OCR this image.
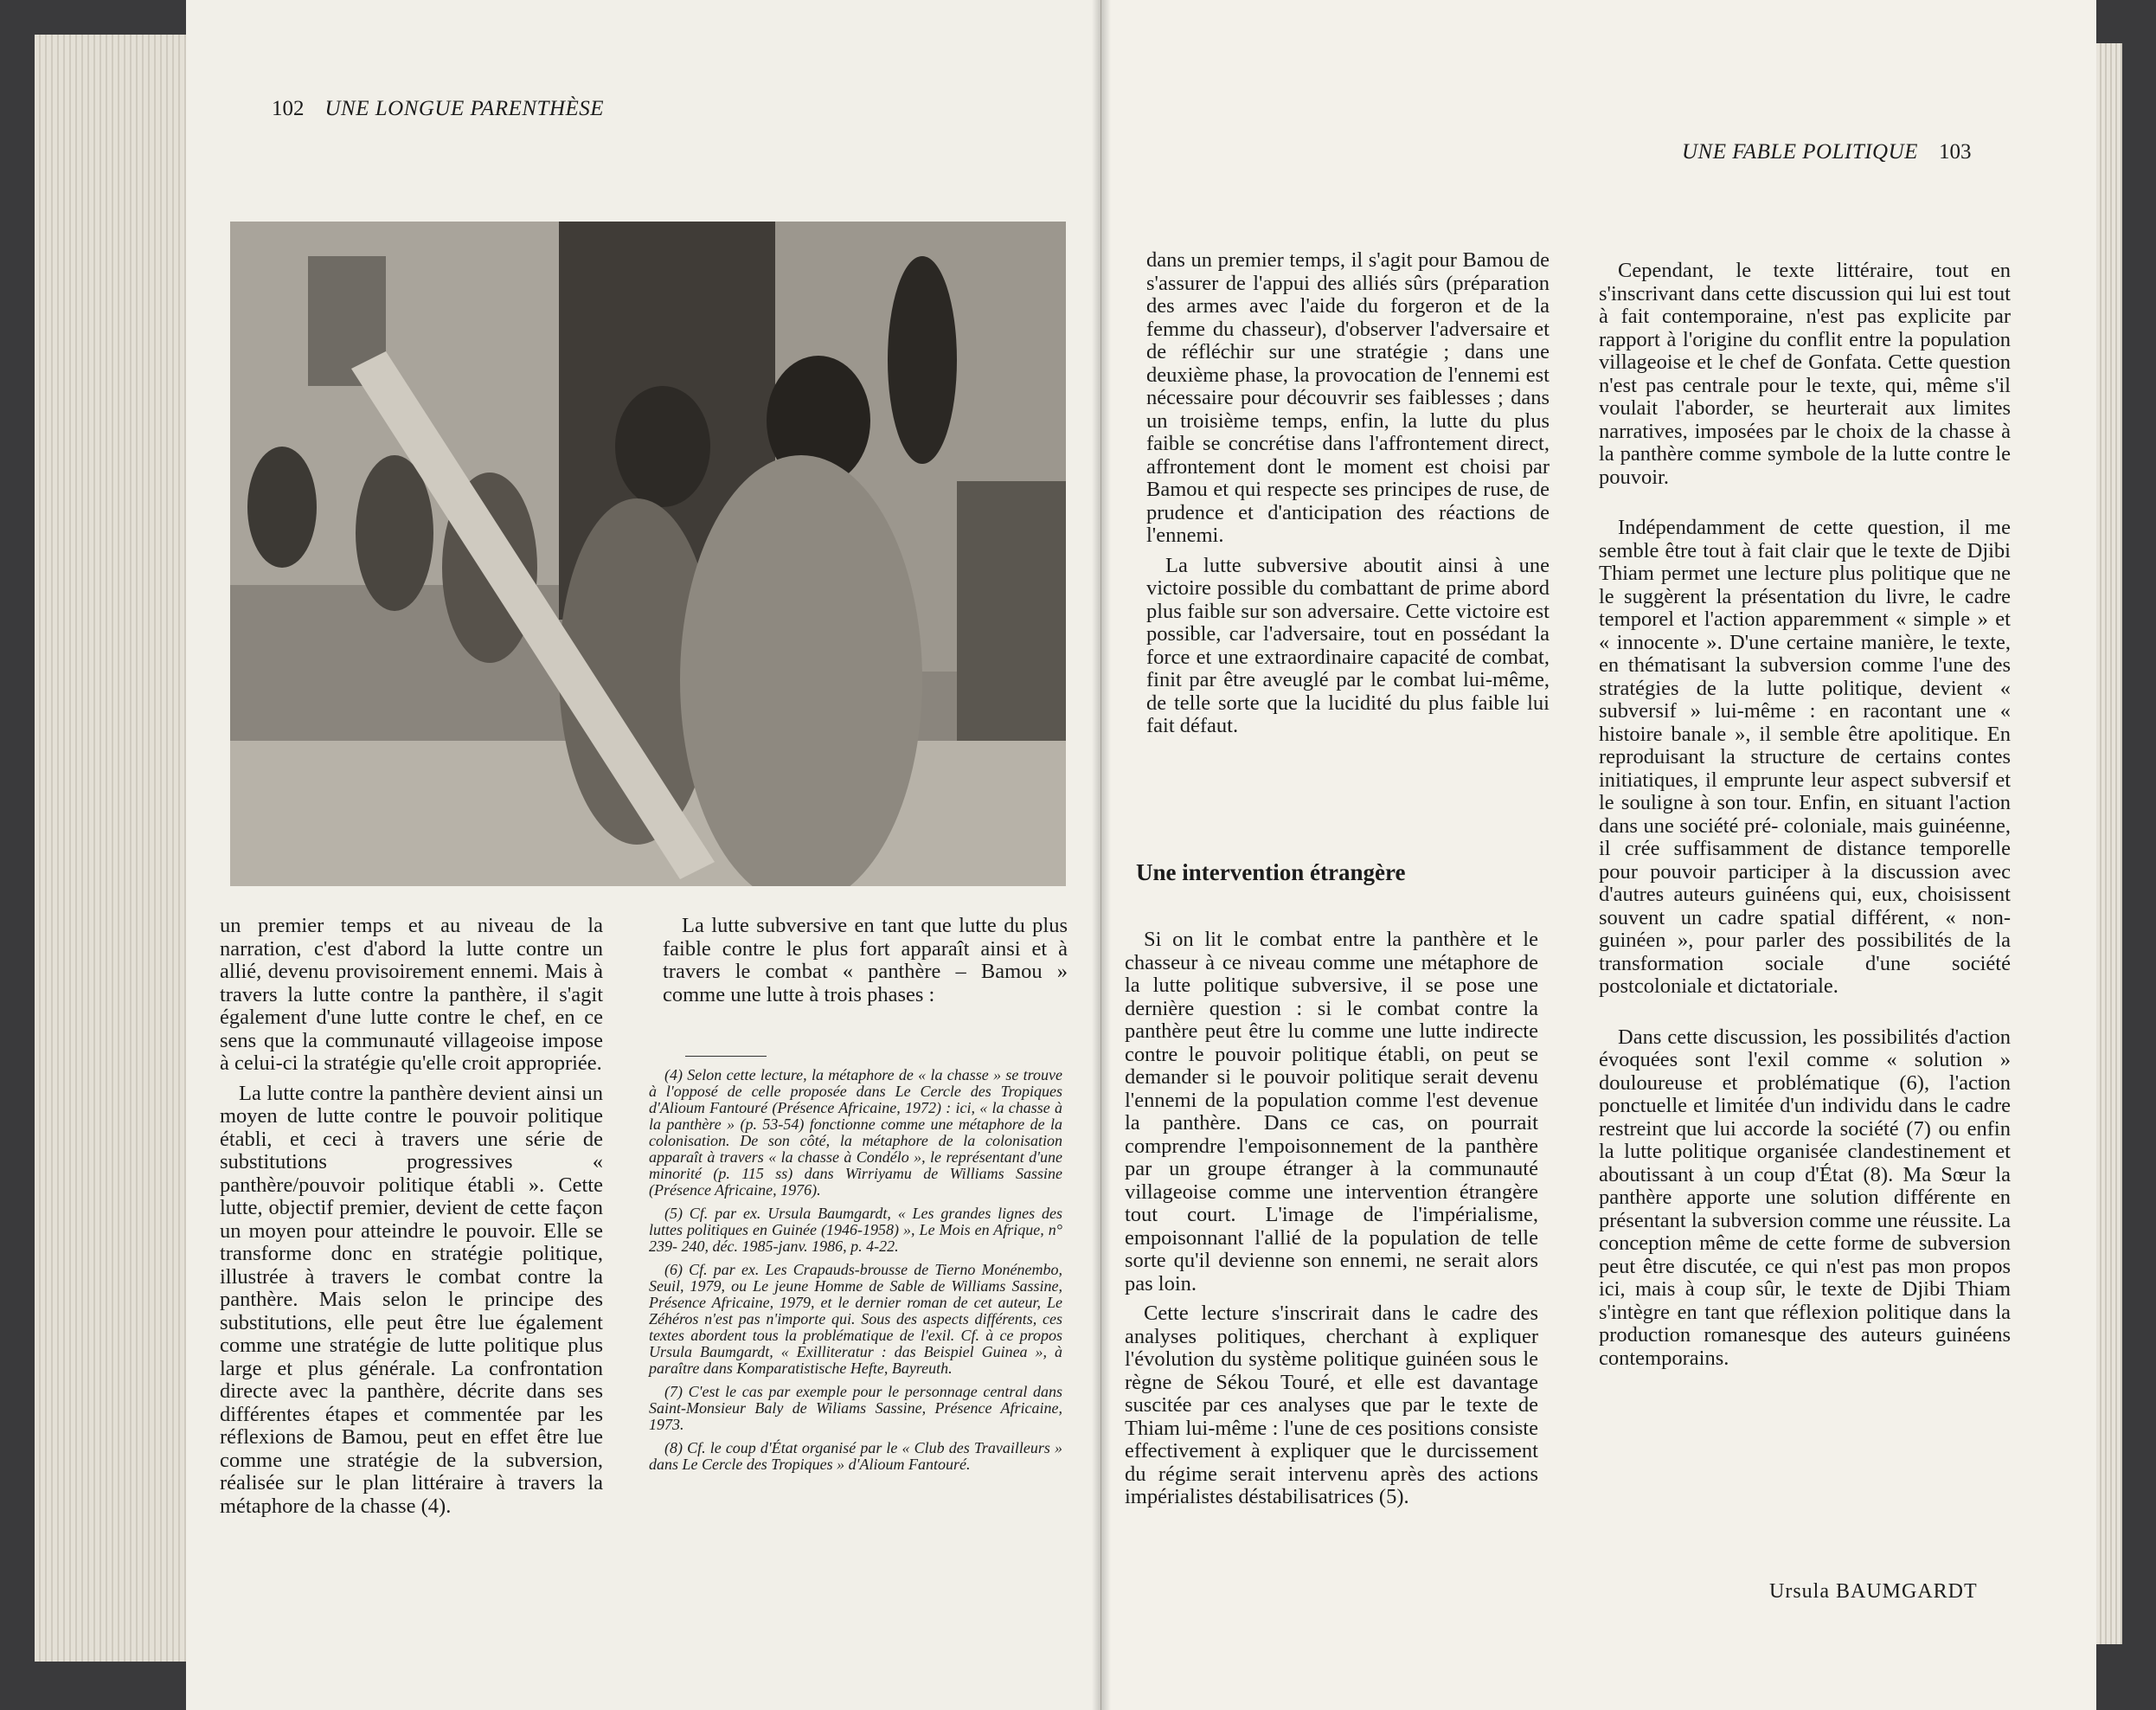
102 UNE LONGUE PARENTHÈSE

un premier temps et au niveau de la narration, c'est d'abord la lutte contre un allié, devenu provisoirement ennemi. Mais à travers la lutte contre la panthère, il s'agit également d'une lutte contre le chef, en ce sens que la communauté villageoise impose à celui-ci la stratégie qu'elle croit appropriée.

La lutte contre la panthère devient ainsi un moyen de lutte contre le pouvoir politique établi, et ceci à travers une série de substitutions progressives « panthère/pouvoir politique établi ». Cette lutte, objectif premier, devient de cette façon un moyen pour atteindre le pouvoir. Elle se transforme donc en stratégie politique, illustrée à travers le combat contre la panthère. Mais selon le principe des substitutions, elle peut être lue également comme une stratégie de lutte politique plus large et plus générale. La confrontation directe avec la panthère, décrite dans ses différentes étapes et commentée par les réflexions de Bamou, peut en effet être lue comme une stratégie de la subversion, réalisée sur le plan littéraire à travers la métaphore de la chasse (4).

La lutte subversive en tant que lutte du plus faible contre le plus fort apparaît ainsi et à travers le combat « panthère – Bamou » comme une lutte à trois phases :

(4) Selon cette lecture, la métaphore de « la chasse » se trouve à l'opposé de celle proposée dans Le Cercle des Tropiques d'Alioum Fantouré (Présence Africaine, 1972) : ici, « la chasse à la panthère » (p. 53-54) fonctionne comme une métaphore de la colonisation. De son côté, la métaphore de la colonisation apparaît à travers « la chasse à Condélo », le représentant d'une minorité (p. 115 ss) dans Wirriyamu de Williams Sassine (Présence Africaine, 1976).

(5) Cf. par ex. Ursula Baumgardt, « Les grandes lignes des luttes politiques en Guinée (1946-1958) », Le Mois en Afrique, n° 239- 240, déc. 1985-janv. 1986, p. 4-22.

(6) Cf. par ex. Les Crapauds-brousse de Tierno Monénembo, Seuil, 1979, ou Le jeune Homme de Sable de Williams Sassine, Présence Africaine, 1979, et le dernier roman de cet auteur, Le Zéhéros n'est pas n'importe qui. Sous des aspects différents, ces textes abordent tous la problématique de l'exil. Cf. à ce propos Ursula Baumgardt, « Exilliteratur : das Beispiel Guinea », à paraître dans Komparatistische Hefte, Bayreuth.

(7) C'est le cas par exemple pour le personnage central dans Saint-Monsieur Baly de Wiliams Sassine, Présence Africaine, 1973.

(8) Cf. le coup d'État organisé par le « Club des Travailleurs » dans Le Cercle des Tropiques » d'Alioum Fantouré.

UNE FABLE POLITIQUE 103

dans un premier temps, il s'agit pour Bamou de s'assurer de l'appui des alliés sûrs (préparation des armes avec l'aide du forgeron et de la femme du chasseur), d'observer l'adversaire et de réfléchir sur une stratégie ; dans une deuxième phase, la provocation de l'ennemi est nécessaire pour découvrir ses faiblesses ; dans un troisième temps, enfin, la lutte du plus faible se concrétise dans l'affrontement direct, affrontement dont le moment est choisi par Bamou et qui respecte ses principes de ruse, de prudence et d'anticipation des réactions de l'ennemi.

La lutte subversive aboutit ainsi à une victoire possible du combattant de prime abord plus faible sur son adversaire. Cette victoire est possible, car l'adversaire, tout en possédant la force et une extraordinaire capacité de combat, finit par être aveuglé par le combat lui-même, de telle sorte que la lucidité du plus faible lui fait défaut.

Une intervention étrangère

Si on lit le combat entre la panthère et le chasseur à ce niveau comme une métaphore de la lutte politique subversive, il se pose une dernière question : si le combat contre la panthère peut être lu comme une lutte indirecte contre le pouvoir politique établi, on peut se demander si le pouvoir politique serait devenu l'ennemi de la population comme l'est devenue la panthère. Dans ce cas, on pourrait comprendre l'empoisonnement de la panthère par un groupe étranger à la communauté villageoise comme une intervention étrangère tout court. L'image de l'impérialisme, empoisonnant l'allié de la population de telle sorte qu'il devienne son ennemi, ne serait alors pas loin.

Cette lecture s'inscrirait dans le cadre des analyses politiques, cherchant à expliquer l'évolution du système politique guinéen sous le règne de Sékou Touré, et elle est davantage suscitée par ces analyses que par le texte de Thiam lui-même : l'une de ces positions consiste effectivement à expliquer que le durcissement du régime serait intervenu après des actions impérialistes déstabilisatrices (5).

Cependant, le texte littéraire, tout en s'inscrivant dans cette discussion qui lui est tout à fait contemporaine, n'est pas explicite par rapport à l'origine du conflit entre la population villageoise et le chef de Gonfata. Cette question n'est pas centrale pour le texte, qui, même s'il voulait l'aborder, se heurterait aux limites narratives, imposées par le choix de la chasse à la panthère comme symbole de la lutte contre le pouvoir.

Indépendamment de cette question, il me semble être tout à fait clair que le texte de Djibi Thiam permet une lecture plus politique que ne le suggèrent la présentation du livre, le cadre temporel et l'action apparemment « simple » et « innocente ». D'une certaine manière, le texte, en thématisant la subversion comme l'une des stratégies de la lutte politique, devient « subversif » lui-même : en racontant une « histoire banale », il semble être apolitique. En reproduisant la structure de certains contes initiatiques, il emprunte leur aspect subversif et le souligne à son tour. Enfin, en situant l'action dans une société pré- coloniale, mais guinéenne, il crée suffisamment de distance temporelle pour pouvoir participer à la discussion avec d'autres auteurs guinéens qui, eux, choisissent souvent un cadre spatial différent, « non-guinéen », pour parler des possibilités de la transformation sociale d'une société postcoloniale et dictatoriale.

Dans cette discussion, les possibilités d'action évoquées sont l'exil comme « solution » douloureuse et problématique (6), l'action ponctuelle et limitée d'un individu dans le cadre restreint que lui accorde la société (7) ou enfin la lutte politique organisée clandestinement et aboutissant à un coup d'État (8). Ma Sœur la panthère apporte une solution différente en présentant la subversion comme une réussite. La conception même de cette forme de subversion peut être discutée, ce qui n'est pas mon propos ici, mais à coup sûr, le texte de Djibi Thiam s'intègre en tant que réflexion politique dans la production romanesque des auteurs guinéens contemporains.

Ursula BAUMGARDT
